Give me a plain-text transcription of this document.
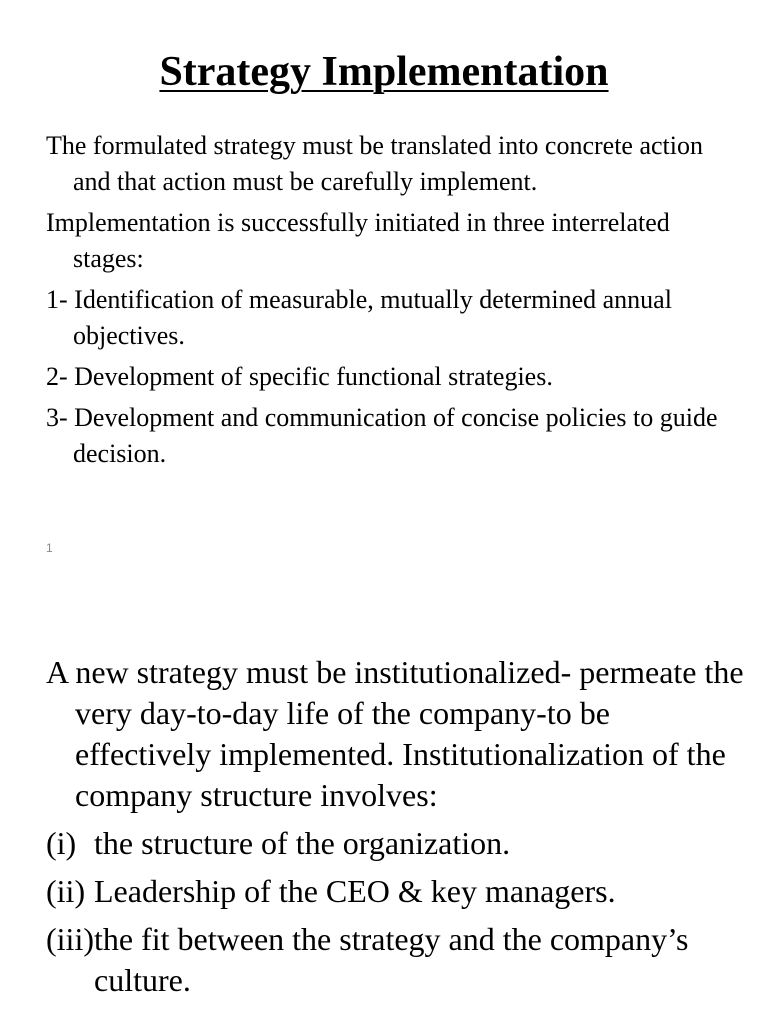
Strategy Implementation
The formulated strategy must be translated into concrete action and that action must be carefully implement.
Implementation is successfully initiated in three interrelated stages:
1- Identification of measurable, mutually determined annual objectives.
2- Development of specific functional strategies.
3- Development and communication of concise policies to guide decision.
1
A new strategy must be institutionalized- permeate the very day-to-day life of the company-to be effectively implemented. Institutionalization of the company structure involves:
(i) the structure of the organization.
(ii) Leadership of the CEO & key managers.
(iii) the fit between the strategy and the company’s culture.
